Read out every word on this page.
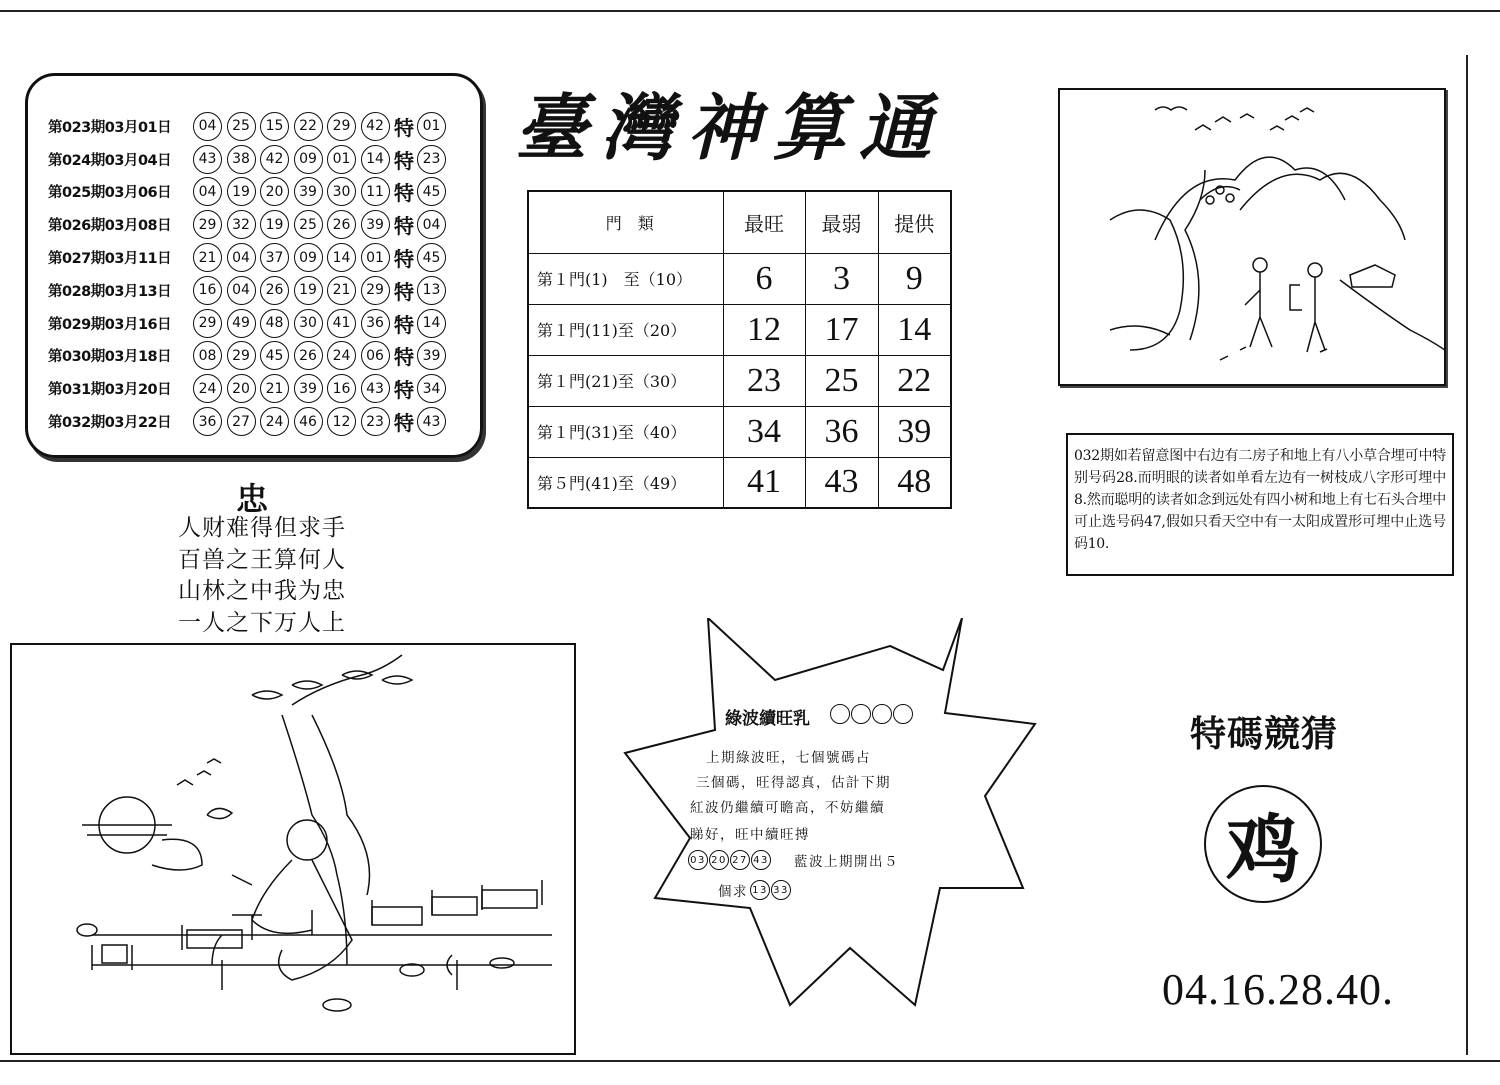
第023期03月01日	04	25	15	22	29	42 特 01
第024期03月04日	43	38	42	09	01	14 特 23
第025期03月06日	04	19	20	39	30	11 特 45
第026期03月08日	29	32	19	25	26	39 特 04
第027期03月11日	21	04	37	09	14	01 特 45
第028期03月13日	16	04	26	19	21	29 特 13
第029期03月16日	29	49	48	30	41	36 特 14
第030期03月18日	08	29	45	26	24	06 特 39
第031期03月20日	24	20	21	39	16	43 特 34
第032期03月22日	36	27	24	46	12	23 特 43
臺灣神算通
門　類	最旺	最弱	提供
第１門(1)　至（10）	6	3	9
第１門(11)至（20）	12	17	14
第１門(21)至（30）	23	25	22
第１門(31)至（40）	34	36	39
第５門(41)至（49）	41	43	48
忠
人财难得但求手
百兽之王算何人
山林之中我为忠
一人之下万人上
032期如若留意图中右边有二房子和地上有八小草合埋可中特别号码28.而明眼的读者如单看左边有一树枝成八字形可埋中8.然而聪明的读者如念到远处有四小树和地上有七石头合埋中可止选号码47,假如只看天空中有一太阳成置形可埋中止选号码10.
綠波續旺乳
上期綠波旺，七個號碼占
三個碼，旺得認真，估計下期
紅波仍繼續可瞻高，不妨繼續
睇好，旺中續旺搏
03 20 27 43 藍波上期開出５
個求 13 33
特碼競猜
鸡
04.16.28.40.
